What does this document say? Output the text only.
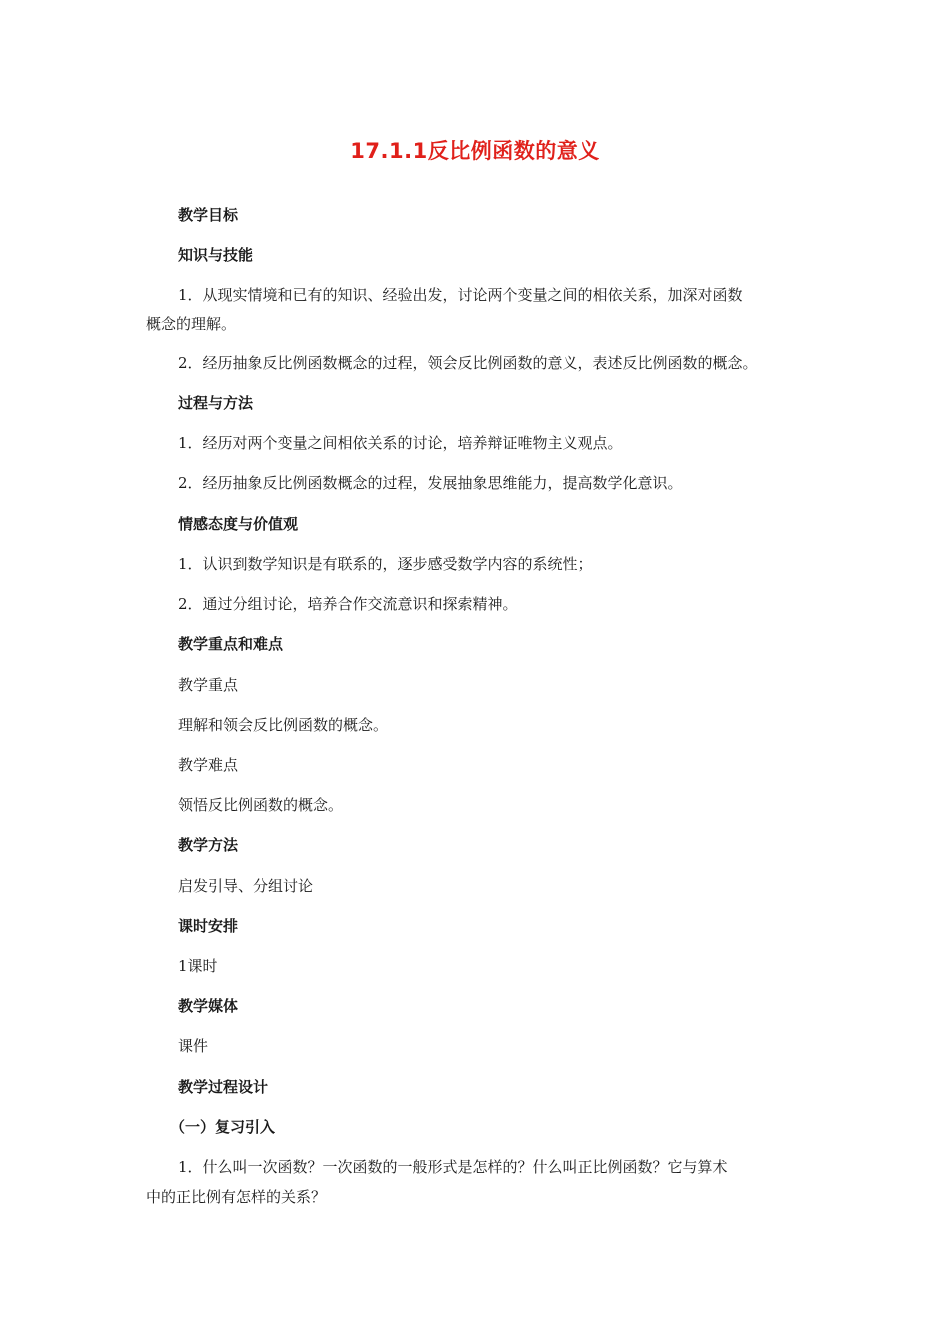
17.1.1反比例函数的意义
教学目标
知识与技能
1．从现实情境和已有的知识、经验出发，讨论两个变量之间的相依关系，加深对函数
概念的理解。
2．经历抽象反比例函数概念的过程，领会反比例函数的意义，表述反比例函数的概念。
过程与方法
1．经历对两个变量之间相依关系的讨论，培养辩证唯物主义观点。
2．经历抽象反比例函数概念的过程，发展抽象思维能力，提高数学化意识。
情感态度与价值观
1．认识到数学知识是有联系的，逐步感受数学内容的系统性；
2．通过分组讨论，培养合作交流意识和探索精神。
教学重点和难点
教学重点
理解和领会反比例函数的概念。
教学难点
领悟反比例函数的概念。
教学方法
启发引导、分组讨论
课时安排
1课时
教学媒体
课件
教学过程设计
（一）复习引入
1．什么叫一次函数？一次函数的一般形式是怎样的？什么叫正比例函数？它与算术
中的正比例有怎样的关系？
